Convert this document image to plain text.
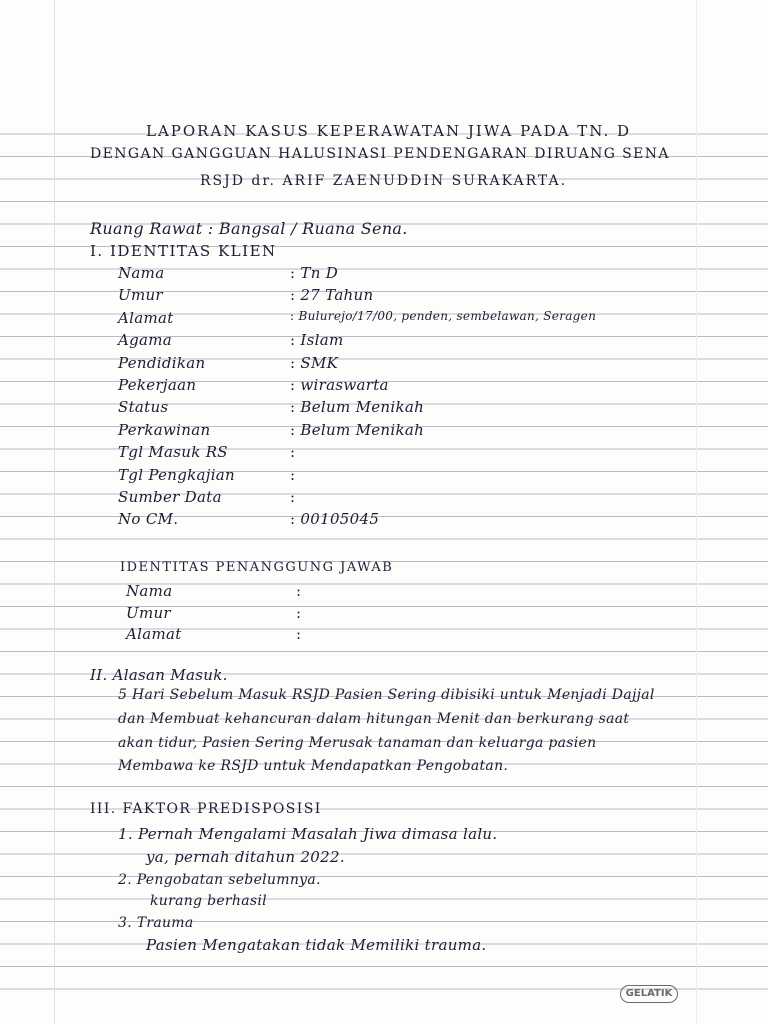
LAPORAN KASUS KEPERAWATAN JIWA PADA TN. D
DENGAN GANGGUAN HALUSINASI PENDENGARAN DIRUANG SENA
RSJD dr. ARIF ZAENUDDIN SURAKARTA.
Ruang Rawat : Bangsal / Ruana Sena.
I. IDENTITAS KLIEN
Nama	: Tn D
Umur	: 27 Tahun
Alamat	: Bulurejo/17/00, penden, sembelawan, Seragen
Agama	: Islam
Pendidikan	: SMK
Pekerjaan	: wiraswarta
Status	: Belum Menikah
Perkawinan	: Belum Menikah
Tgl Masuk RS	:
Tgl Pengkajian	:
Sumber Data	:
No CM.	: 00105045
IDENTITAS PENANGGUNG JAWAB
Nama	:
Umur	:
Alamat	:
II. Alasan Masuk.
5 Hari Sebelum Masuk RSJD Pasien Sering dibisiki untuk Menjadi Dajjal
dan Membuat kehancuran dalam hitungan Menit dan berkurang saat
akan tidur, Pasien Sering Merusak tanaman dan keluarga pasien
Membawa ke RSJD untuk Mendapatkan Pengobatan.
III. FAKTOR PREDISPOSISI
1. Pernah Mengalami Masalah Jiwa dimasa lalu.
ya, pernah ditahun 2022.
2. Pengobatan sebelumnya.
kurang berhasil
3. Trauma
Pasien Mengatakan tidak Memiliki trauma.
GELATIK
